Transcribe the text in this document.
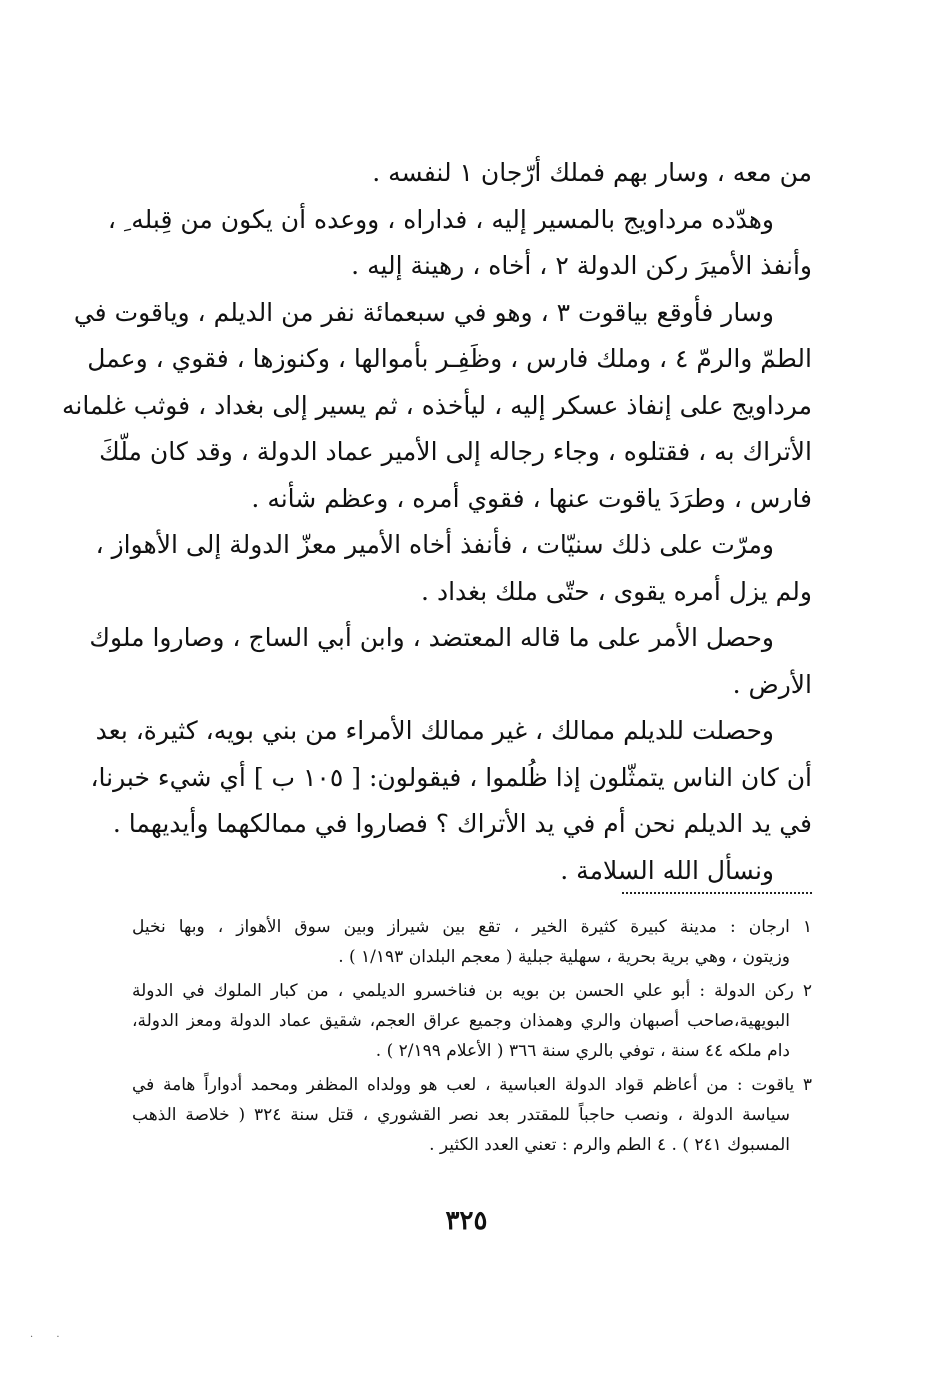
من معه ، وسار بهم فملك أرّجان ١ لنفسه .
وهدّده مرداويج بالمسير إليه ، فداراه ، ووعده أن يكون من قِبله ِ ،
وأنفذ الأميرَ ركن الدولة ٢ ، أخاه ، رهينة إليه .
وسار فأوقع بياقوت ٣ ، وهو في سبعمائة نفر من الديلم ، وياقوت في
الطمّ والرمّ ٤ ، وملك فارس ، وظَفِـر بأموالها ، وكنوزها ، فقوي ، وعمل
مرداويج على إنفاذ عسكر إليه ، ليأخذه ، ثم يسير إلى بغداد ، فوثب غلمانه
الأتراك به ، فقتلوه ، وجاء رجاله إلى الأمير عماد الدولة ، وقد كان ملّكَ
فارس ، وطرَدَ ياقوت عنها ، فقوي أمره ، وعظم شأنه .
ومرّت على ذلك سنيّات ، فأنفذ أخاه الأمير معزّ الدولة إلى الأهواز ،
ولم يزل أمره يقوى ، حتّى ملك بغداد .
وحصل الأمر على ما قاله المعتضد ، وابن أبي الساج ، وصاروا ملوك
الأرض .
وحصلت للديلم ممالك ، غير ممالك الأمراء من بني بويه، كثيرة، بعد
أن كان الناس يتمثّلون إذا ظُلموا ، فيقولون: [ ١٠٥ ب ] أي شيء خبرنا،
في يد الديلم نحن أم في يد الأتراك ؟ فصاروا في ممالكهما وأيديهما .
ونسأل الله السلامة .
١ ارجان : مدينة كبيرة كثيرة الخير ، تقع بين شيراز وبين سوق الأهواز ، وبها نخيل
وزيتون ، وهي برية بحرية ، سهلية جبلية ( معجم البلدان ١/١٩٣ ) .
٢ ركن الدولة : أبو علي الحسن بن بويه بن فناخسرو الديلمي ، من كبار الملوك في الدولة
البويهية،صاحب أصبهان والري وهمذان وجميع عراق العجم، شقيق عماد الدولة ومعز الدولة،
دام ملكه ٤٤ سنة ، توفي بالري سنة ٣٦٦ ( الأعلام ٢/١٩٩ ) .
٣ ياقوت : من أعاظم قواد الدولة العباسية ، لعب هو وولداه المظفر ومحمد أدواراً هامة في
سياسة الدولة ، ونصب حاجباً للمقتدر بعد نصر القشوري ، قتل سنة ٣٢٤ ( خلاصة الذهب
المسبوك ٢٤١ ) . ٤ الطم والرم : تعني العدد الكثير .
٣٢٥
· ·
